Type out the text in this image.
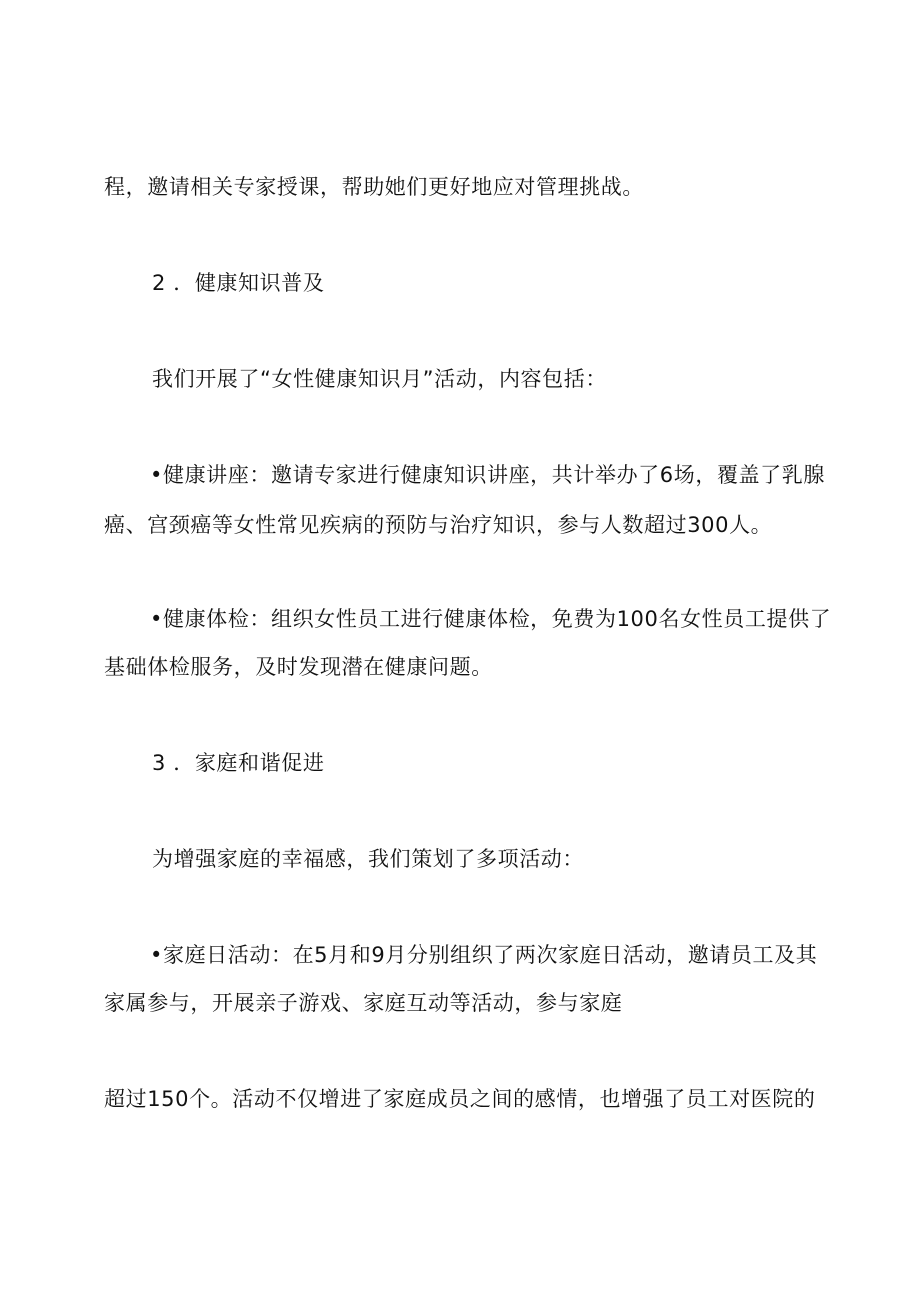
程，邀请相关专家授课，帮助她们更好地应对管理挑战。
2 ．健康知识普及
我们开展了“女性健康知识月”活动，内容包括：
•健康讲座：邀请专家进行健康知识讲座，共计举办了6场，覆盖了乳腺
癌、宫颈癌等女性常见疾病的预防与治疗知识，参与人数超过300人。
•健康体检：组织女性员工进行健康体检，免费为100名女性员工提供了
基础体检服务，及时发现潜在健康问题。
3 ．家庭和谐促进
为增强家庭的幸福感，我们策划了多项活动：
•家庭日活动：在5月和9月分别组织了两次家庭日活动，邀请员工及其
家属参与，开展亲子游戏、家庭互动等活动，参与家庭
超过150个。活动不仅增进了家庭成员之间的感情，也增强了员工对医院的
